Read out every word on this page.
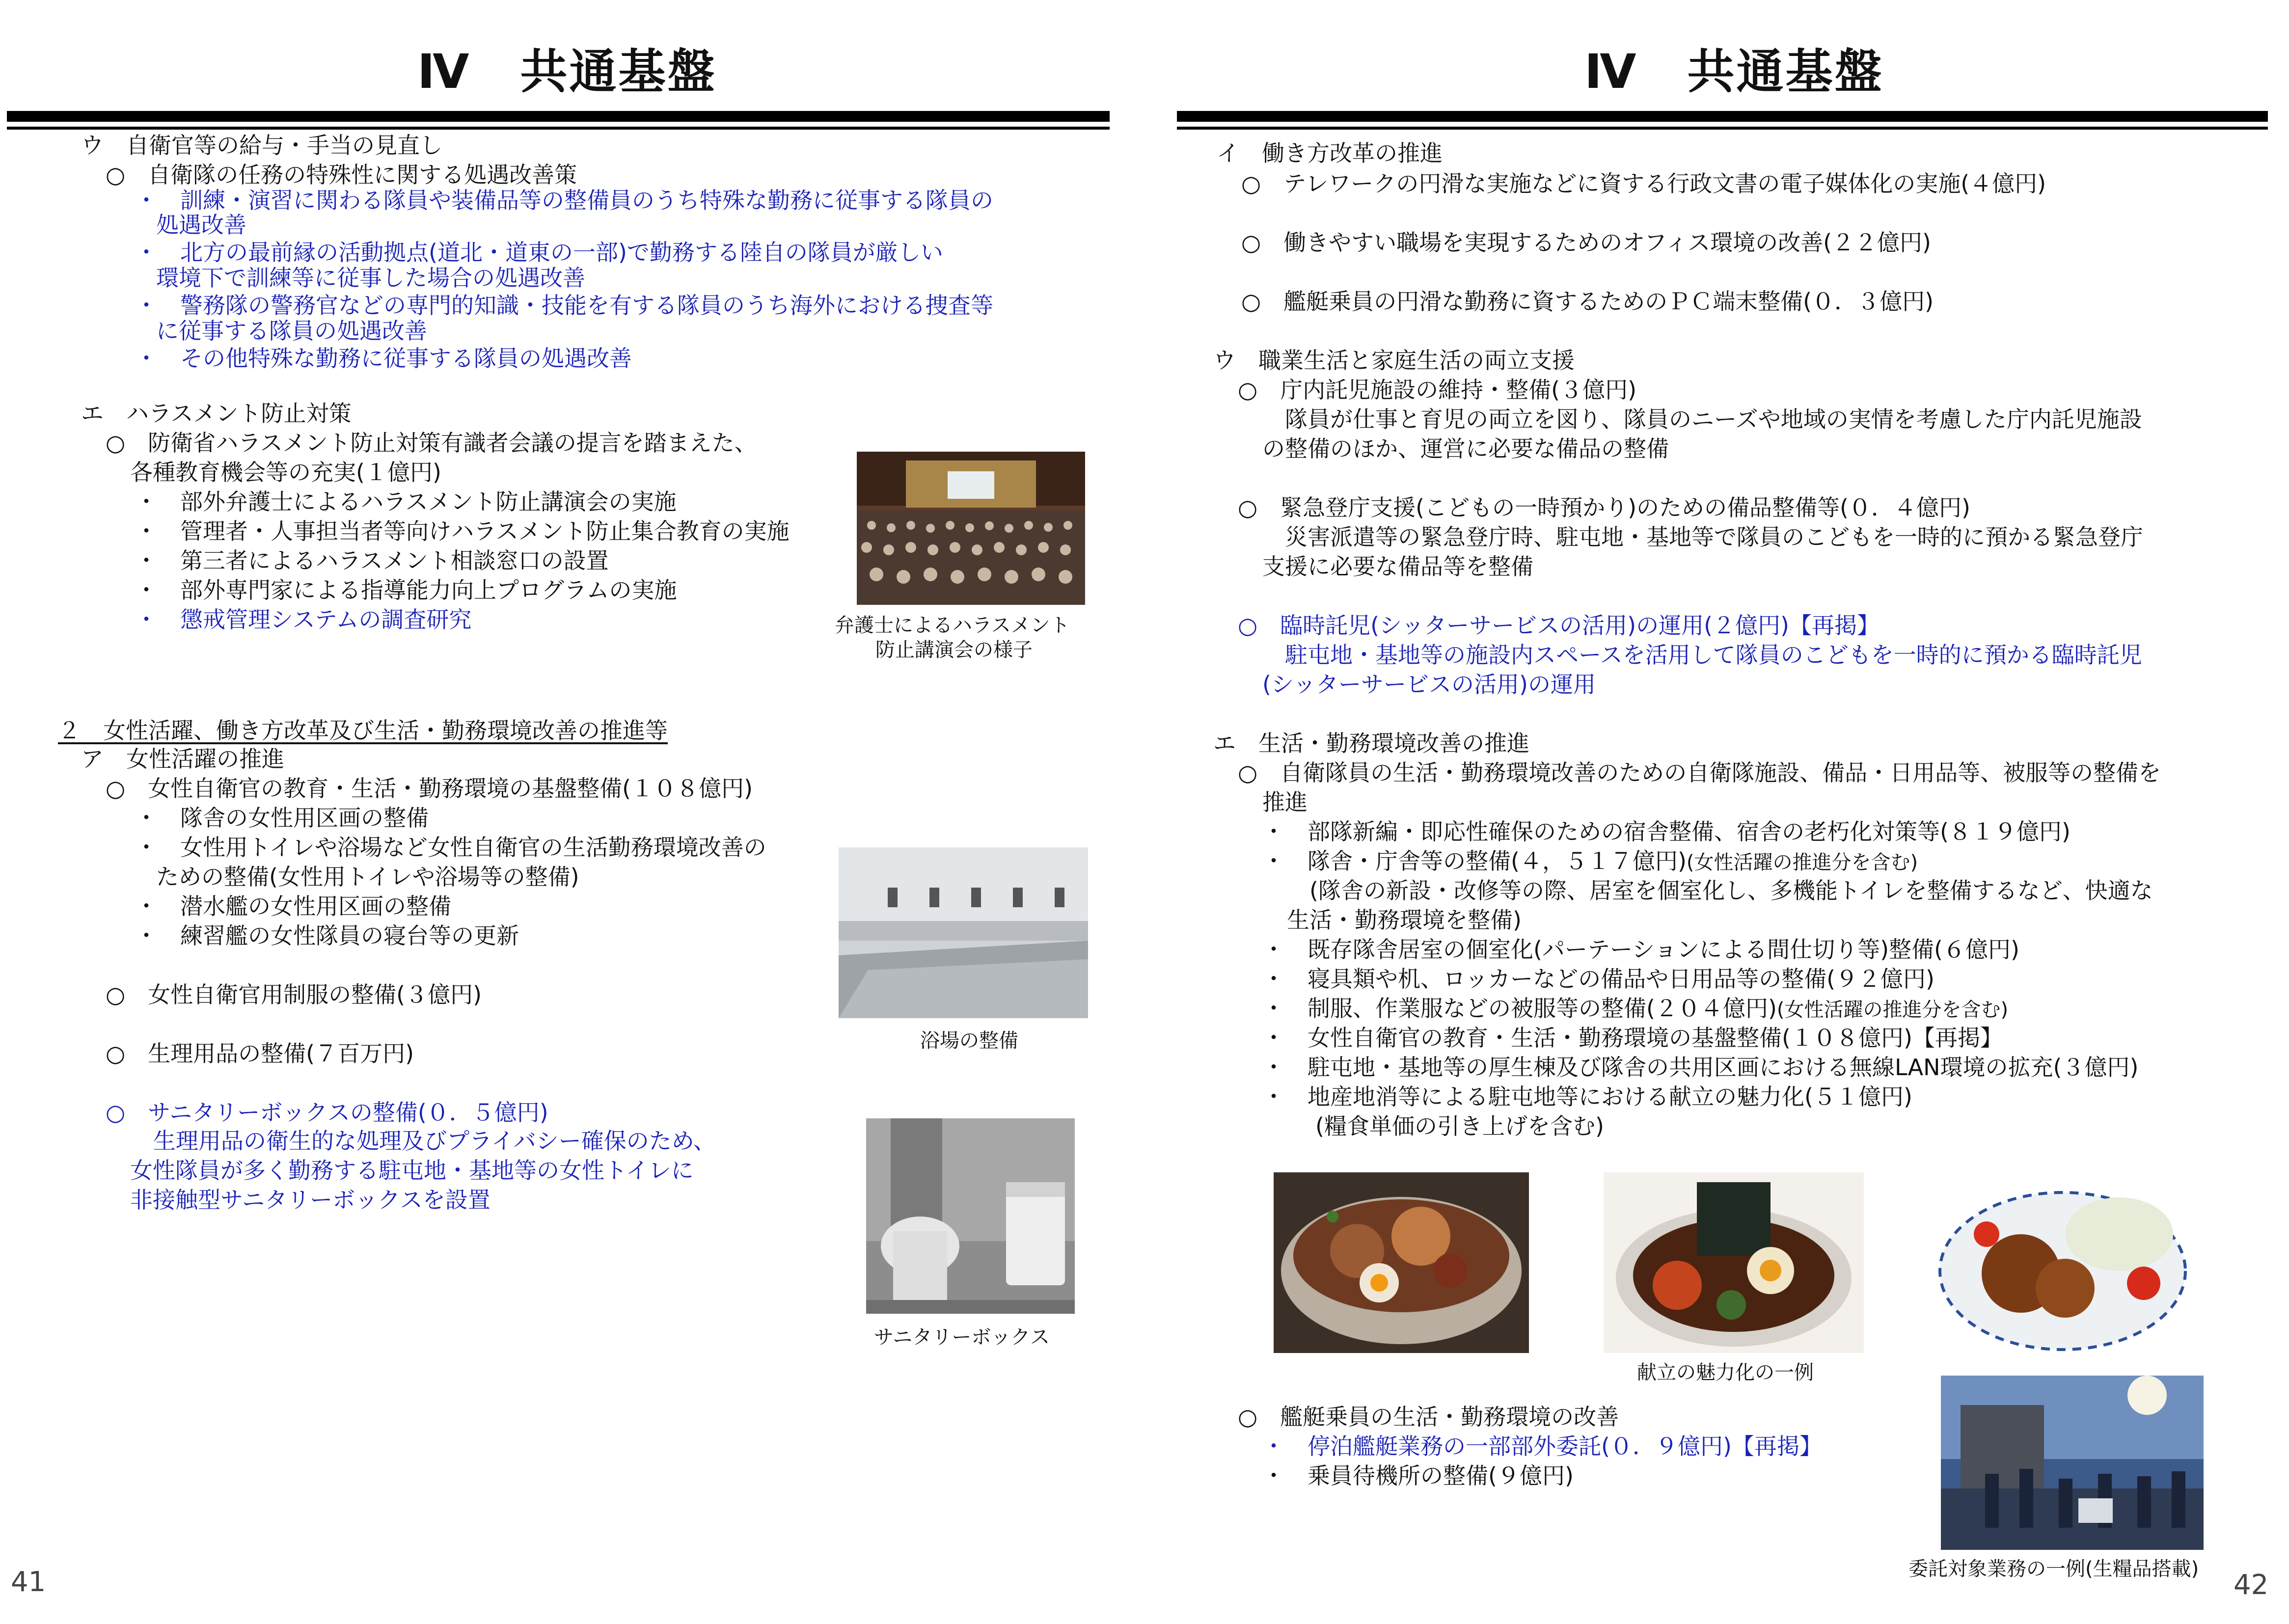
Ⅳ　共通基盤
ウ　自衛官等の給与・手当の見直し
○　自衛隊の任務の特殊性に関する処遇改善策
・　訓練・演習に関わる隊員や装備品等の整備員のうち特殊な勤務に従事する隊員の
処遇改善
・　北方の最前縁の活動拠点(道北・道東の一部)で勤務する陸自の隊員が厳しい
環境下で訓練等に従事した場合の処遇改善
・　警務隊の警務官などの専門的知識・技能を有する隊員のうち海外における捜査等
に従事する隊員の処遇改善
・　その他特殊な勤務に従事する隊員の処遇改善
エ　ハラスメント防止対策
○　防衛省ハラスメント防止対策有識者会議の提言を踏まえた、
各種教育機会等の充実(１億円)
・　部外弁護士によるハラスメント防止講演会の実施
・　管理者・人事担当者等向けハラスメント防止集合教育の実施
・　第三者によるハラスメント相談窓口の設置
・　部外専門家による指導能力向上プログラムの実施
・　懲戒管理システムの調査研究	弁護士によるハラスメント
防止講演会の様子
２　女性活躍、働き方改革及び生活・勤務環境改善の推進等
ア　女性活躍の推進
○　女性自衛官の教育・生活・勤務環境の基盤整備(１０８億円)
・　隊舎の女性用区画の整備
・　女性用トイレや浴場など女性自衛官の生活勤務環境改善の
ための整備(女性用トイレや浴場等の整備)
・　潜水艦の女性用区画の整備
・　練習艦の女性隊員の寝台等の更新
○　女性自衛官用制服の整備(３億円)
○　生理用品の整備(７百万円)
○　サニタリーボックスの整備(０．５億円)
生理用品の衛生的な処理及びプライバシー確保のため、
女性隊員が多く勤務する駐屯地・基地等の女性トイレに
非接触型サニタリーボックスを設置
浴場の整備
サニタリーボックス
41
Ⅳ　共通基盤
イ　働き方改革の推進
○　テレワークの円滑な実施などに資する行政文書の電子媒体化の実施(４億円)
○　働きやすい職場を実現するためのオフィス環境の改善(２２億円)
○　艦艇乗員の円滑な勤務に資するためのＰＣ端末整備(０．３億円)
ウ　職業生活と家庭生活の両立支援
○　庁内託児施設の維持・整備(３億円)
隊員が仕事と育児の両立を図り、隊員のニーズや地域の実情を考慮した庁内託児施設
の整備のほか、運営に必要な備品の整備
○　緊急登庁支援(こどもの一時預かり)のための備品整備等(０．４億円)
災害派遣等の緊急登庁時、駐屯地・基地等で隊員のこどもを一時的に預かる緊急登庁
支援に必要な備品等を整備
○　臨時託児(シッターサービスの活用)の運用(２億円)【再掲】
駐屯地・基地等の施設内スペースを活用して隊員のこどもを一時的に預かる臨時託児
(シッターサービスの活用)の運用
エ　生活・勤務環境改善の推進
○　自衛隊員の生活・勤務環境改善のための自衛隊施設、備品・日用品等、被服等の整備を
推進
・　部隊新編・即応性確保のための宿舎整備、宿舎の老朽化対策等(８１９億円)
・　隊舎・庁舎等の整備(４，５１７億円)(女性活躍の推進分を含む)
(隊舎の新設・改修等の際、居室を個室化し、多機能トイレを整備するなど、快適な
生活・勤務環境を整備)
・　既存隊舎居室の個室化(パーテーションによる間仕切り等)整備(６億円)
・　寝具類や机、ロッカーなどの備品や日用品等の整備(９２億円)
・　制服、作業服などの被服等の整備(２０４億円)(女性活躍の推進分を含む)
・　女性自衛官の教育・生活・勤務環境の基盤整備(１０８億円)【再掲】
・　駐屯地・基地等の厚生棟及び隊舎の共用区画における無線LAN環境の拡充(３億円)
・　地産地消等による駐屯地等における献立の魅力化(５１億円)
(糧食単価の引き上げを含む)
献立の魅力化の一例
○　艦艇乗員の生活・勤務環境の改善
・　停泊艦艇業務の一部部外委託(０．９億円)【再掲】
・　乗員待機所の整備(９億円)
委託対象業務の一例(生糧品搭載) 42
